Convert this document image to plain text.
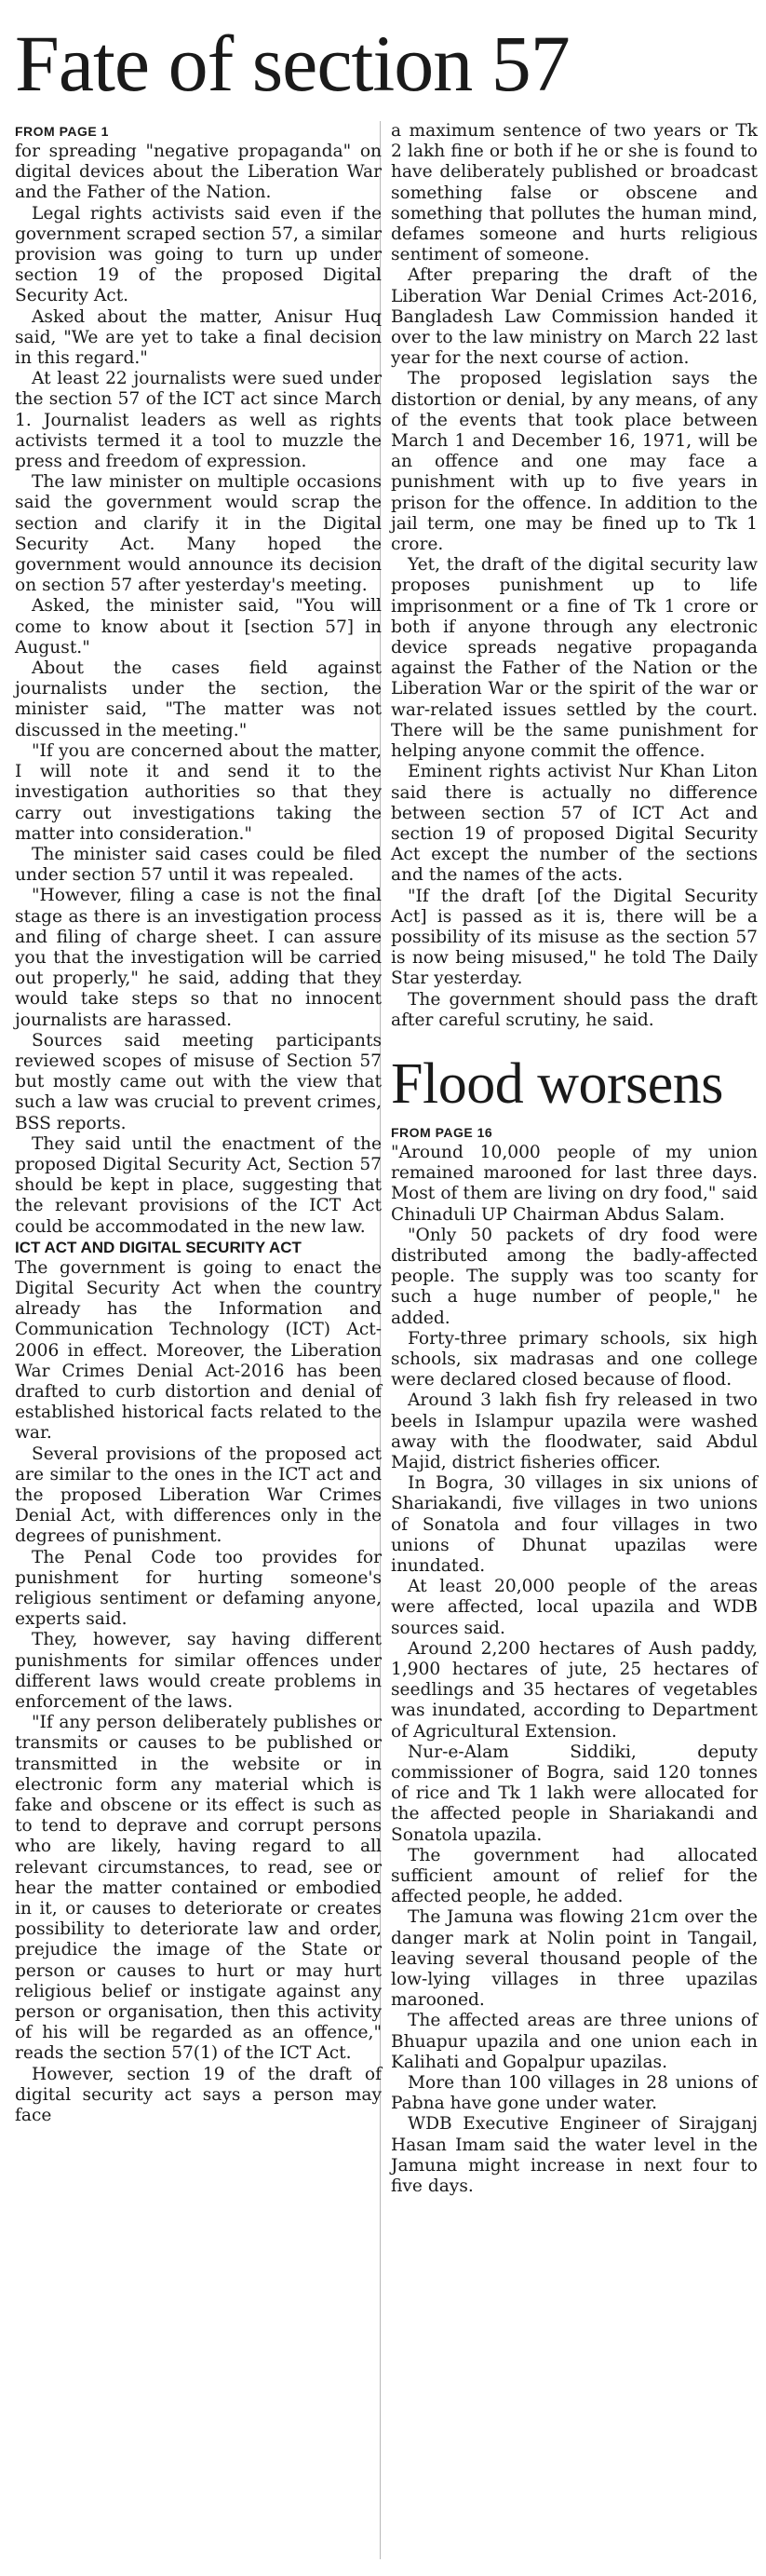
Fate of section 57
FROM PAGE 1

for spreading "negative propaganda" on digital devices about the Liberation War and the Father of the Nation.

Legal rights activists said even if the government scraped section 57, a similar provision was going to turn up under section 19 of the proposed Digital Security Act.

Asked about the matter, Anisur Huq said, "We are yet to take a final decision in this regard."

At least 22 journalists were sued under the section 57 of the ICT act since March 1. Journalist leaders as well as rights activists termed it a tool to muzzle the press and freedom of expression.

The law minister on multiple occasions said the government would scrap the section and clarify it in the Digital Security Act. Many hoped the government would announce its decision on section 57 after yesterday's meeting.

Asked, the minister said, "You will come to know about it [section 57] in August."

About the cases field against journalists under the section, the minister said, "The matter was not discussed in the meeting."

"If you are concerned about the matter, I will note it and send it to the investigation authorities so that they carry out investigations taking the matter into consideration."

The minister said cases could be filed under section 57 until it was repealed.

"However, filing a case is not the final stage as there is an investigation process and filing of charge sheet. I can assure you that the investigation will be carried out properly," he said, adding that they would take steps so that no innocent journalists are harassed.

Sources said meeting participants reviewed scopes of misuse of Section 57 but mostly came out with the view that such a law was crucial to prevent crimes, BSS reports.

They said until the enactment of the proposed Digital Security Act, Section 57 should be kept in place, suggesting that the relevant provisions of the ICT Act could be accommodated in the new law.

ICT ACT AND DIGITAL SECURITY ACT

The government is going to enact the Digital Security Act when the country already has the Information and Communication Technology (ICT) Act-2006 in effect. Moreover, the Liberation War Crimes Denial Act-2016 has been drafted to curb distortion and denial of established historical facts related to the war.

Several provisions of the proposed act are similar to the ones in the ICT act and the proposed Liberation War Crimes Denial Act, with differences only in the degrees of punishment.

The Penal Code too provides for punishment for hurting someone's religious sentiment or defaming anyone, experts said.

They, however, say having different punishments for similar offences under different laws would create problems in enforcement of the laws.

"If any person deliberately publishes or transmits or causes to be published or transmitted in the website or in electronic form any material which is fake and obscene or its effect is such as to tend to deprave and corrupt persons who are likely, having regard to all relevant circumstances, to read, see or hear the matter contained or embodied in it, or causes to deteriorate or creates possibility to deteriorate law and order, prejudice the image of the State or person or causes to hurt or may hurt religious belief or instigate against any person or organisation, then this activity of his will be regarded as an offence," reads the section 57(1) of the ICT Act.

However, section 19 of the draft of digital security act says a person may face

a maximum sentence of two years or Tk 2 lakh fine or both if he or she is found to have deliberately published or broadcast something false or obscene and something that pollutes the human mind, defames someone and hurts religious sentiment of someone.

After preparing the draft of the Liberation War Denial Crimes Act-2016, Bangladesh Law Commission handed it over to the law ministry on March 22 last year for the next course of action.

The proposed legislation says the distortion or denial, by any means, of any of the events that took place between March 1 and December 16, 1971, will be an offence and one may face a punishment with up to five years in prison for the offence. In addition to the jail term, one may be fined up to Tk 1 crore.

Yet, the draft of the digital security law proposes punishment up to life imprisonment or a fine of Tk 1 crore or both if anyone through any electronic device spreads negative propaganda against the Father of the Nation or the Liberation War or the spirit of the war or war-related issues settled by the court. There will be the same punishment for helping anyone commit the offence.

Eminent rights activist Nur Khan Liton said there is actually no difference between section 57 of ICT Act and section 19 of proposed Digital Security Act except the number of the sections and the names of the acts.

"If the draft [of the Digital Security Act] is passed as it is, there will be a possibility of its misuse as the section 57 is now being misused," he told The Daily Star yesterday.

The government should pass the draft after careful scrutiny, he said.

Flood worsens
FROM PAGE 16

"Around 10,000 people of my union remained marooned for last three days. Most of them are living on dry food," said Chinaduli UP Chairman Abdus Salam.

"Only 50 packets of dry food were distributed among the badly-affected people. The supply was too scanty for such a huge number of people," he added.

Forty-three primary schools, six high schools, six madrasas and one college were declared closed because of flood.

Around 3 lakh fish fry released in two beels in Islampur upazila were washed away with the floodwater, said Abdul Majid, district fisheries officer.

In Bogra, 30 villages in six unions of Shariakandi, five villages in two unions of Sonatola and four villages in two unions of Dhunat upazilas were inundated.

At least 20,000 people of the areas were affected, local upazila and WDB sources said.

Around 2,200 hectares of Aush paddy, 1,900 hectares of jute, 25 hectares of seedlings and 35 hectares of vegetables was inundated, according to Department of Agricultural Extension.

Nur-e-Alam Siddiki, deputy commissioner of Bogra, said 120 tonnes of rice and Tk 1 lakh were allocated for the affected people in Shariakandi and Sonatola upazila.

The government had allocated sufficient amount of relief for the affected people, he added.

The Jamuna was flowing 21cm over the danger mark at Nolin point in Tangail, leaving several thousand people of the low-lying villages in three upazilas marooned.

The affected areas are three unions of Bhuapur upazila and one union each in Kalihati and Gopalpur upazilas.

More than 100 villages in 28 unions of Pabna have gone under water.

WDB Executive Engineer of Sirajganj Hasan Imam said the water level in the Jamuna might increase in next four to five days.
